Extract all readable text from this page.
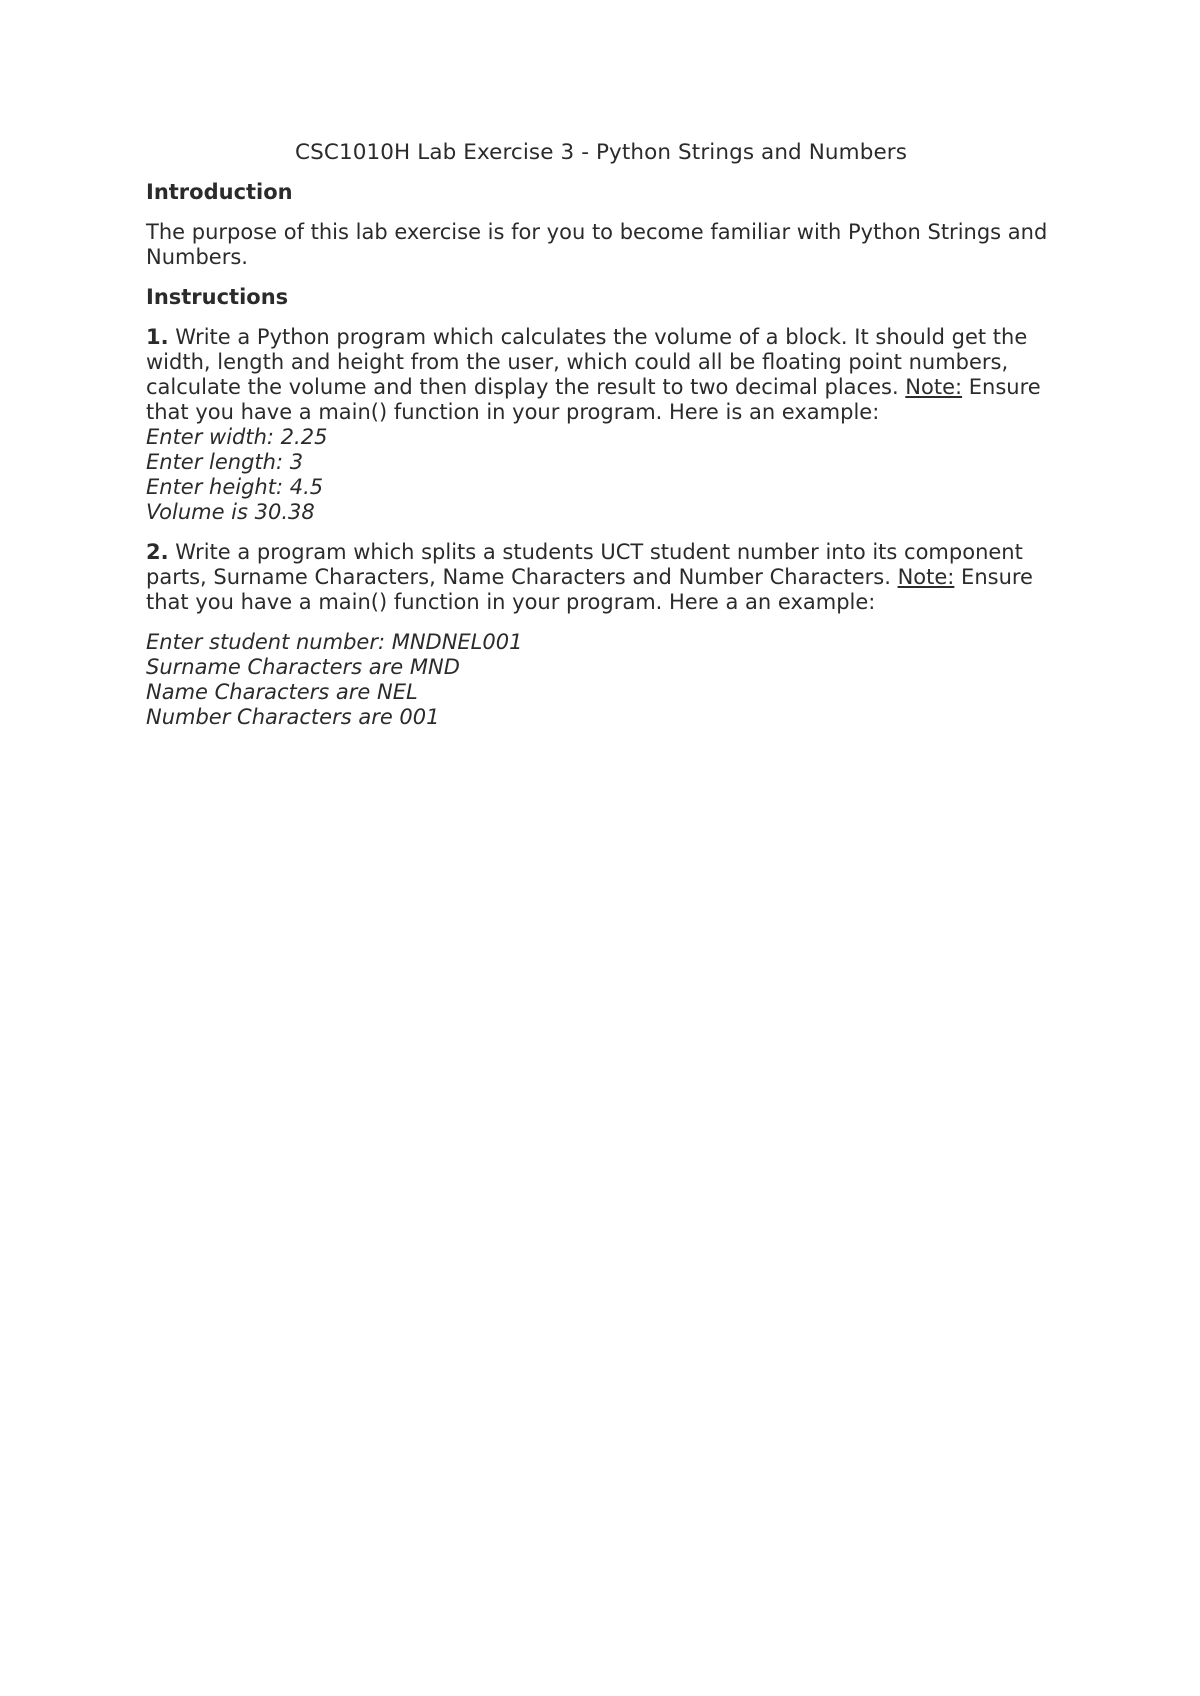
CSC1010H Lab Exercise 3 - Python Strings and Numbers
Introduction
The purpose of this lab exercise is for you to become familiar with Python Strings and Numbers.
Instructions
1. Write a Python program which calculates the volume of a block. It should get the width, length and height from the user, which could all be floating point numbers, calculate the volume and then display the result to two decimal places. Note: Ensure that you have a main() function in your program. Here is an example:
Enter width: 2.25
Enter length: 3
Enter height: 4.5
Volume is 30.38
2. Write a program which splits a students UCT student number into its component parts, Surname Characters, Name Characters and Number Characters. Note: Ensure that you have a main() function in your program. Here a an example:
Enter student number: MNDNEL001
Surname Characters are MND
Name Characters are NEL
Number Characters are 001
